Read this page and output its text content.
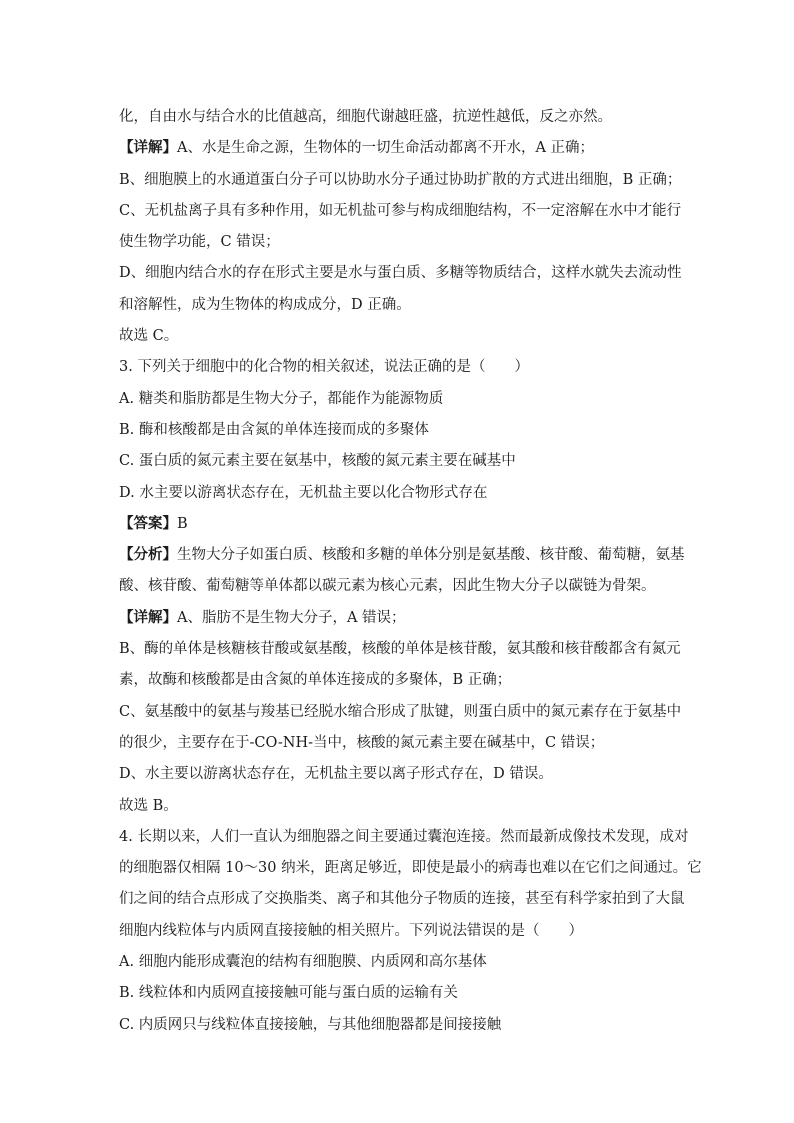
化，自由水与结合水的比值越高，细胞代谢越旺盛，抗逆性越低，反之亦然。
【详解】A、水是生命之源，生物体的一切生命活动都离不开水，A 正确；
B、细胞膜上的水通道蛋白分子可以协助水分子通过协助扩散的方式进出细胞，B 正确；
C、无机盐离子具有多种作用，如无机盐可参与构成细胞结构，不一定溶解在水中才能行
使生物学功能，C 错误；
D、细胞内结合水的存在形式主要是水与蛋白质、多糖等物质结合，这样水就失去流动性
和溶解性，成为生物体的构成成分，D 正确。
故选 C。
3. 下列关于细胞中的化合物的相关叙述，说法正确的是（　　）
A. 糖类和脂肪都是生物大分子，都能作为能源物质
B. 酶和核酸都是由含氮的单体连接而成的多聚体
C. 蛋白质的氮元素主要在氨基中，核酸的氮元素主要在碱基中
D. 水主要以游离状态存在，无机盐主要以化合物形式存在
【答案】B
【分析】生物大分子如蛋白质、核酸和多糖的单体分别是氨基酸、核苷酸、葡萄糖，氨基
酸、核苷酸、葡萄糖等单体都以碳元素为核心元素，因此生物大分子以碳链为骨架。
【详解】A、脂肪不是生物大分子，A 错误；
B、酶的单体是核糖核苷酸或氨基酸，核酸的单体是核苷酸，氨其酸和核苷酸都含有氮元
素，故酶和核酸都是由含氮的单体连接成的多聚体，B 正确；
C、氨基酸中的氨基与羧基已经脱水缩合形成了肽键，则蛋白质中的氮元素存在于氨基中
的很少，主要存在于-CO-NH-当中，核酸的氮元素主要在碱基中，C 错误；
D、水主要以游离状态存在，无机盐主要以离子形式存在，D 错误。
故选 B。
4. 长期以来，人们一直认为细胞器之间主要通过囊泡连接。然而最新成像技术发现，成对
的细胞器仅相隔 10～30 纳米，距离足够近，即使是最小的病毒也难以在它们之间通过。它
们之间的结合点形成了交换脂类、离子和其他分子物质的连接，甚至有科学家拍到了大鼠
细胞内线粒体与内质网直接接触的相关照片。下列说法错误的是（　　）
A. 细胞内能形成囊泡的结构有细胞膜、内质网和高尔基体
B. 线粒体和内质网直接接触可能与蛋白质的运输有关
C. 内质网只与线粒体直接接触，与其他细胞器都是间接接触
